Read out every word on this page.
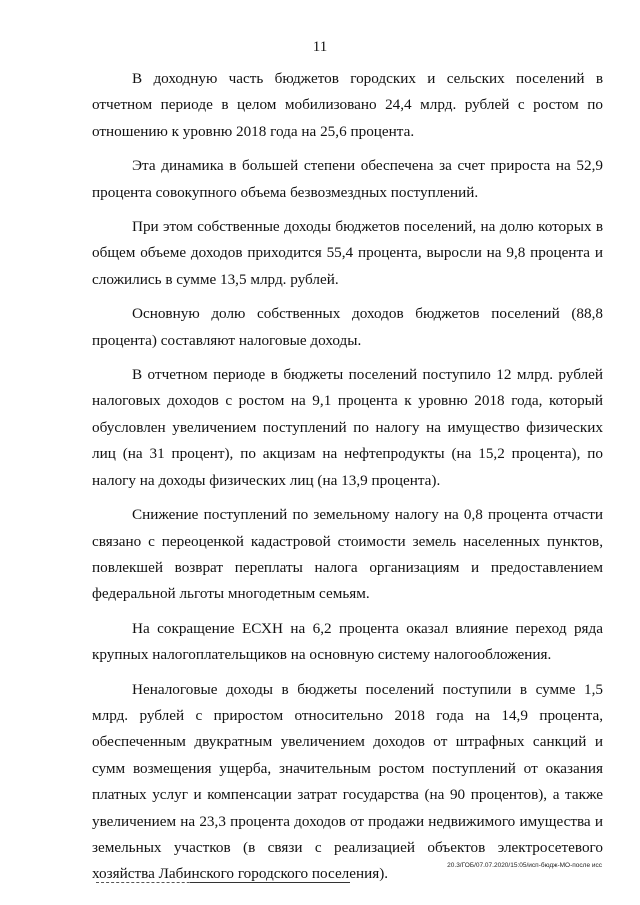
11

В доходную часть бюджетов городских и сельских поселений в отчетном периоде в целом мобилизовано 24,4 млрд. рублей с ростом по отношению к уровню 2018 года на 25,6 процента.

Эта динамика в большей степени обеспечена за счет прироста на 52,9 процента совокупного объема безвозмездных поступлений.

При этом собственные доходы бюджетов поселений, на долю которых в общем объеме доходов приходится 55,4 процента, выросли на 9,8 процента и сложились в сумме 13,5 млрд. рублей.

Основную долю собственных доходов бюджетов поселений (88,8 процента) составляют налоговые доходы.

В отчетном периоде в бюджеты поселений поступило 12 млрд. рублей налоговых доходов с ростом на 9,1 процента к уровню 2018 года, который обусловлен увеличением поступлений по налогу на имущество физических лиц (на 31 процент), по акцизам на нефтепродукты (на 15,2 процента), по налогу на доходы физических лиц (на 13,9 процента).

Снижение поступлений по земельному налогу на 0,8 процента отчасти связано с переоценкой кадастровой стоимости земель населенных пунктов, повлекшей возврат переплаты налога организациям и предоставлением федеральной льготы многодетным семьям.

На сокращение ЕСХН на 6,2 процента оказал влияние переход ряда крупных налогоплательщиков на основную систему налогообложения.

Неналоговые доходы в бюджеты поселений поступили в сумме 1,5 млрд. рублей с приростом относительно 2018 года на 14,9 процента, обеспеченным двукратным увеличением доходов от штрафных санкций и сумм возмещения ущерба, значительным ростом поступлений от оказания платных услуг и компенсации затрат государства (на 90 процентов), а также увеличением на 23,3 процента доходов от продажи недвижимого имущества и земельных участков (в связи с реализацией объектов электросетевого хозяйства Лабинского городского поселения).	20.3/ГОБ/07.07.2020/15:05/исп-бюдж-МО-после исс
